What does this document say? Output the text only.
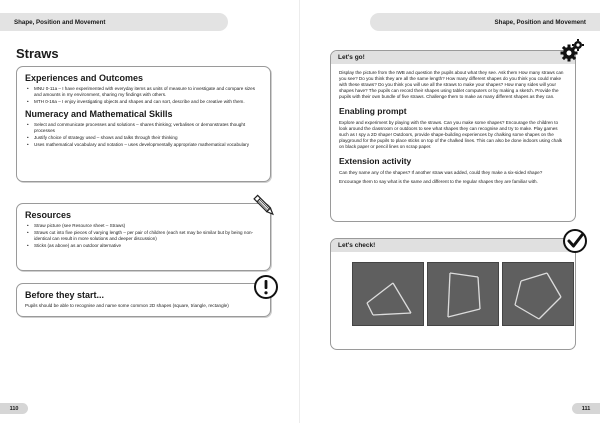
Shape, Position and Movement
Straws
Experiences and Outcomes
• MNU 0-11a – I have experimented with everyday items as units of measure to investigate and compare sizes and amounts in my environment, sharing my findings with others.
• MTH 0-16a – I enjoy investigating objects and shapes and can sort, describe and be creative with them.
Numeracy and Mathematical Skills
• Select and communicate processes and solutions – shares thinking; verbalises or demonstrates thought processes
• Justify choice of strategy used – shows and talks through their thinking
• Uses mathematical vocabulary and notation – uses developmentally appropriate mathematical vocabulary
Resources
• Straw picture (see Resource sheet – Straws)
• Straws cut into five pieces of varying length – per pair of children (each set may be similar but by being non-identical can result in more solutions and deeper discussion)
• Sticks (as above) as an outdoor alternative
Before they start...

Pupils should be able to recognise and name some common 2D shapes (square, triangle, rectangle)

110
Shape, Position and Movement
Let's go!

Display the picture from the IWB and question the pupils about what they see. Ask them How many straws can you see? Do you think they are all the same length? How many different shapes do you think you could make with these straws? Do you think you will use all the straws to make your shapes? How many sides will your shapes have? The pupils can record their shapes using tablet computers or by making a sketch. Provide the pupils with their own bundle of five straws. Challenge them to make as many different shapes as they can.

Enabling prompt

Explore and experiment by playing with the straws. Can you make some shapes? Encourage the children to look around the classroom or outdoors to see what shapes they can recognise and try to make. Play games such as I spy a 2D shape! Outdoors, provide shape-building experiences by chalking some shapes on the playground for the pupils to place sticks on top of the chalked lines. This can also be done indoors using chalk on black paper or pencil lines on scrap paper.

Extension activity

Can they name any of the shapes? If another straw was added, could they make a six-sided shape?

Encourage them to say what is the same and different to the regular shapes they are familiar with.

Let's check!
111
